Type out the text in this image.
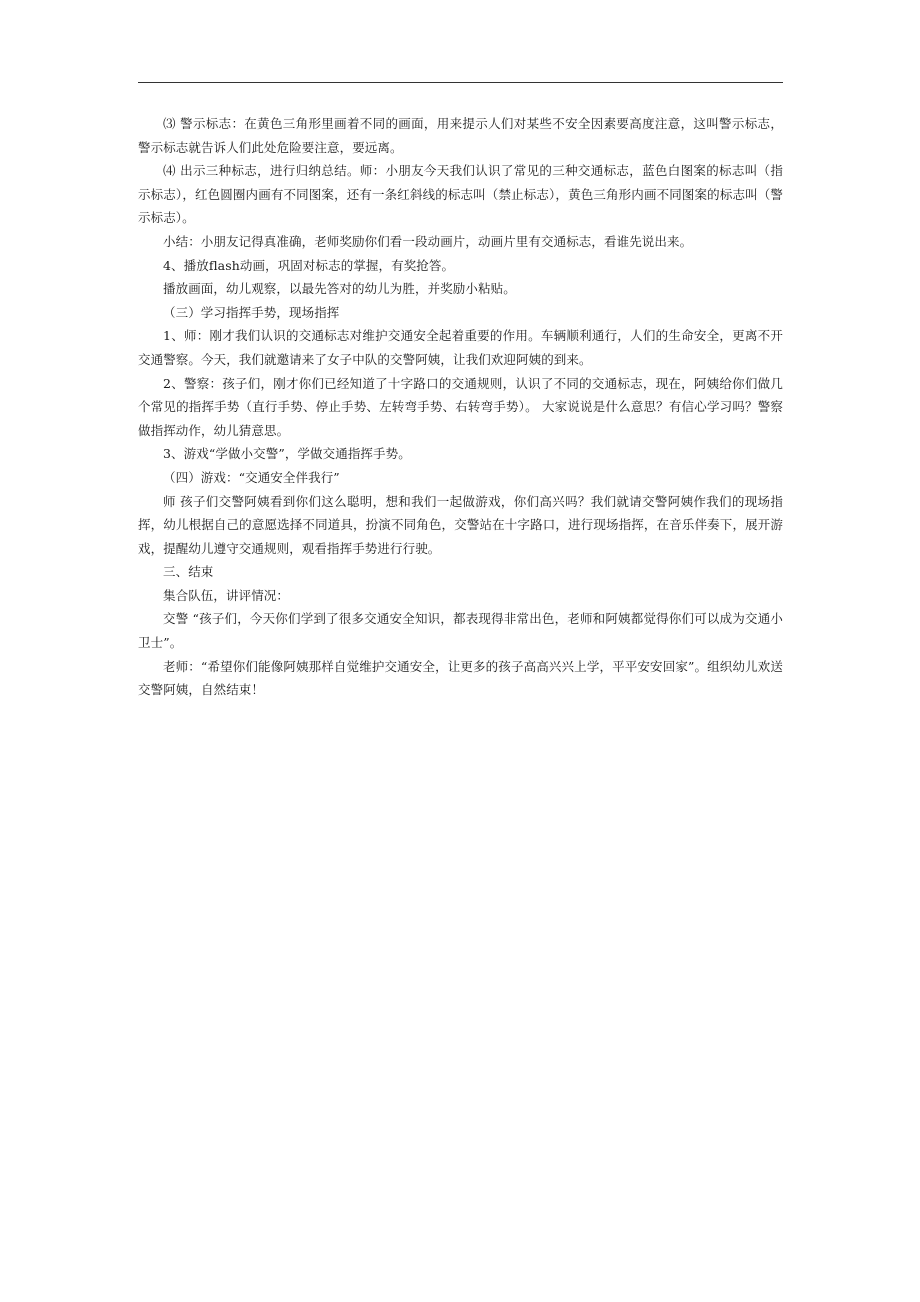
⑶ 警示标志：在黄色三角形里画着不同的画面，用来提示人们对某些不安全因素要高度注意，这叫警示标志，警示标志就告诉人们此处危险要注意，要远离。

⑷ 出示三种标志，进行归纳总结。师：小朋友今天我们认识了常见的三种交通标志，蓝色白图案的标志叫（指示标志），红色圆圈内画有不同图案，还有一条红斜线的标志叫（禁止标志），黄色三角形内画不同图案的标志叫（警示标志）。

小结：小朋友记得真准确，老师奖励你们看一段动画片，动画片里有交通标志，看谁先说出来。

4、播放flash动画，巩固对标志的掌握，有奖抢答。

播放画面，幼儿观察，以最先答对的幼儿为胜，并奖励小粘贴。

（三）学习指挥手势，现场指挥

1、师：刚才我们认识的交通标志对维护交通安全起着重要的作用。车辆顺利通行，人们的生命安全，更离不开交通警察。今天，我们就邀请来了女子中队的交警阿姨，让我们欢迎阿姨的到来。

2、警察：孩子们，刚才你们已经知道了十字路口的交通规则，认识了不同的交通标志，现在，阿姨给你们做几个常见的指挥手势（直行手势、停止手势、左转弯手势、右转弯手势）。 大家说说是什么意思？有信心学习吗？警察做指挥动作，幼儿猜意思。

3、游戏“学做小交警”，学做交通指挥手势。

（四）游戏：“交通安全伴我行”

师 孩子们交警阿姨看到你们这么聪明，想和我们一起做游戏，你们高兴吗？我们就请交警阿姨作我们的现场指挥，幼儿根据自己的意愿选择不同道具，扮演不同角色，交警站在十字路口，进行现场指挥，在音乐伴奏下，展开游戏，提醒幼儿遵守交通规则，观看指挥手势进行行驶。

三、结束

集合队伍，讲评情况：

交警 “孩子们，今天你们学到了很多交通安全知识，都表现得非常出色，老师和阿姨都觉得你们可以成为交通小卫士”。

老师：“希望你们能像阿姨那样自觉维护交通安全，让更多的孩子高高兴兴上学，平平安安回家”。组织幼儿欢送交警阿姨，自然结束！
